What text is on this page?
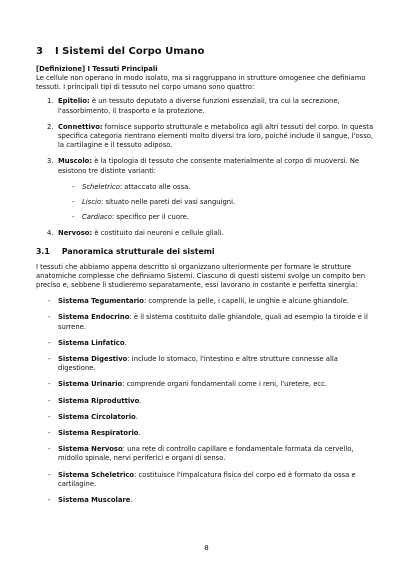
3 I Sistemi del Corpo Umano
[Definizione] I Tessuti Principali

Le cellule non operano in modo isolato, ma si raggruppano in strutture omogenee che definiamo tessuti. I principali tipi di tessuto nel corpo umano sono quattro:

1. Epitelio: è un tessuto deputato a diverse funzioni essenziali, tra cui la secrezione, l'assorbimento, il trasporto e la protezione.
2. Connettivo: fornisce supporto strutturale e metabolico agli altri tessuti del corpo. In questa specifica categoria rientrano elementi molto diversi tra loro, poiché include il sangue, l'osso, la cartilagine e il tessuto adiposo.
3. Muscolo: è la tipologia di tessuto che consente materialmente al corpo di muoversi. Ne esistono tre distinte varianti:
- Scheletrico: attaccato alle ossa.
- Liscio: situato nelle pareti dei vasi sanguigni.
- Cardiaco: specifico per il cuore.
4. Nervoso: è costituito dai neuroni e cellule gliali.
3.1 Panoramica strutturale dei sistemi

I tessuti che abbiamo appena descritto si organizzano ulteriormente per formare le strutture anatomiche complesse che definiamo Sistemi. Ciascuno di questi sistemi svolge un compito ben preciso e, sebbene li studieremo separatamente, essi lavorano in costante e perfetta sinergia:

- Sistema Tegumentario: comprende la pelle, i capelli, le unghie e alcune ghiandole.
- Sistema Endocrino: è il sistema costituito dalle ghiandole, quali ad esempio la tiroide e il surrene.
- Sistema Linfatico.
- Sistema Digestivo: include lo stomaco, l'intestino e altre strutture connesse alla digestione.
- Sistema Urinario: comprende organi fondamentali come i reni, l'uretere, ecc.
- Sistema Riproduttivo.
- Sistema Circolatorio.
- Sistema Respiratorio.
- Sistema Nervoso: una rete di controllo capillare e fondamentale formata da cervello, midollo spinale, nervi periferici e organi di senso.
- Sistema Scheletrico: costituisce l'impalcatura fisica del corpo ed è formato da ossa e cartilagine.
- Sistema Muscolare.
8
